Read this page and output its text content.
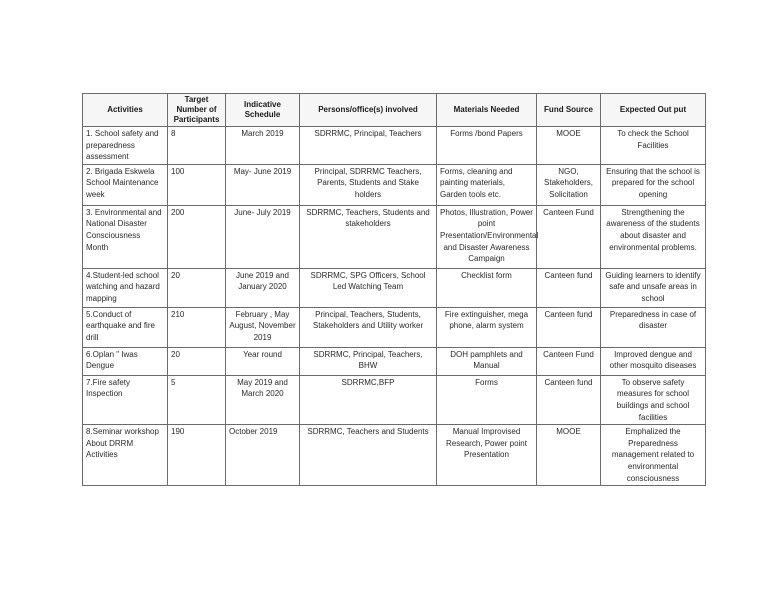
Activities	Target Number of Participants	Indicative Schedule	Persons/office(s) involved	Materials Needed	Fund Source	Expected Out put
1. School safety and preparedness assessment	8	March 2019	SDRRMC, Principal, Teachers	Forms /bond Papers	MOOE	To check the School Facilities
2. Brigada Eskwela School Maintenance week	100	May- June 2019	Principal, SDRRMC Teachers, Parents, Students and Stake holders	Forms, cleaning and painting materials, Garden tools etc.	NGO, Stakeholders, Solicitation	Ensuring that the school is prepared for the school opening
3. Environmental and National Disaster Consciousness Month	200	June- July 2019	SDRRMC, Teachers, Students and stakeholders	Photos, Illustration, Power point Presentation/Environmental and Disaster Awareness Campaign	Canteen Fund	Strengthening the awareness of the students about disaster and environmental problems.
4.Student-led school watching and hazard mapping	20	June 2019 and January 2020	SDRRMC, SPG Officers, School Led Watching Team	Checklist form	Canteen fund	Guiding learners to identify safe and unsafe areas in school
5.Conduct of earthquake and fire drill	210	February , May August, November 2019	Principal, Teachers, Students, Stakeholders and Utility worker	Fire extinguisher, mega phone, alarm system	Canteen fund	Preparedness in case of disaster
6.Oplan " Iwas Dengue	20	Year round	SDRRMC, Principal, Teachers, BHW	DOH pamphlets and Manual	Canteen Fund	Improved dengue and other mosquito diseases
7.Fire safety Inspection	5	May 2019 and March 2020	SDRRMC,BFP	Forms	Canteen fund	To observe safety measures for school buildings and school facilities
8.Seminar workshop About DRRM Activities	190	October 2019	SDRRMC, Teachers and Students	Manual Improvised Research, Power point Presentation	MOOE	Emphalized the Preparedness management related to environmental consciousness
